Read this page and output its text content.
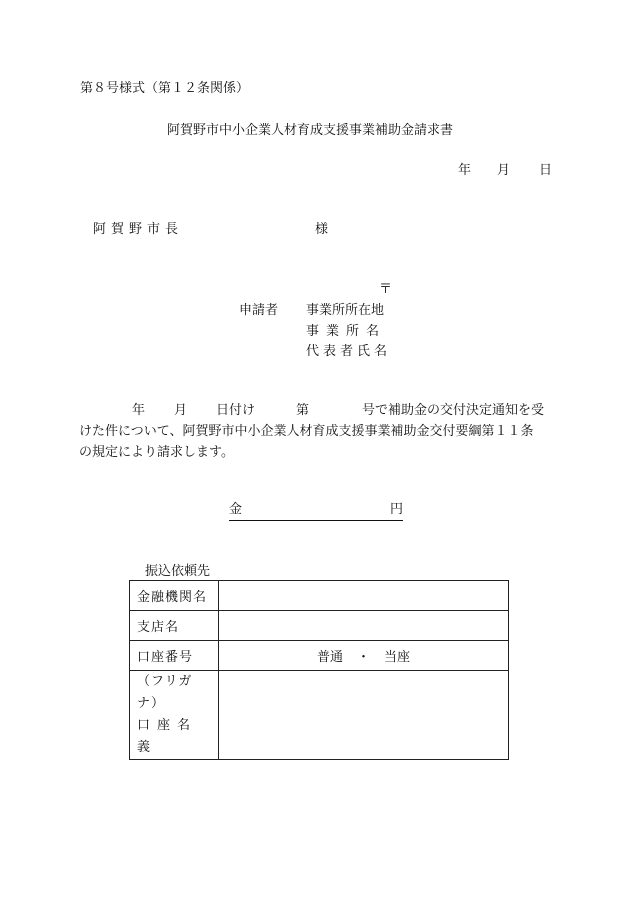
第８号様式（第１２条関係）
阿賀野市中小企業人材育成支援事業補助金請求書
年 月 日
阿賀野市長	様
〒
申請者 事業所所在地
事業所名
代表者氏名
年 月 日付け	第	号で補助金の交付決定通知を受
けた件について、阿賀野市中小企業人材育成支援事業補助金交付要綱第１１条
の規定により請求します。
金	円
振込依頼先
金融機関名	
支店名	
口座番号	普通 ・ 当座

（フリガナ）
口座名義	
